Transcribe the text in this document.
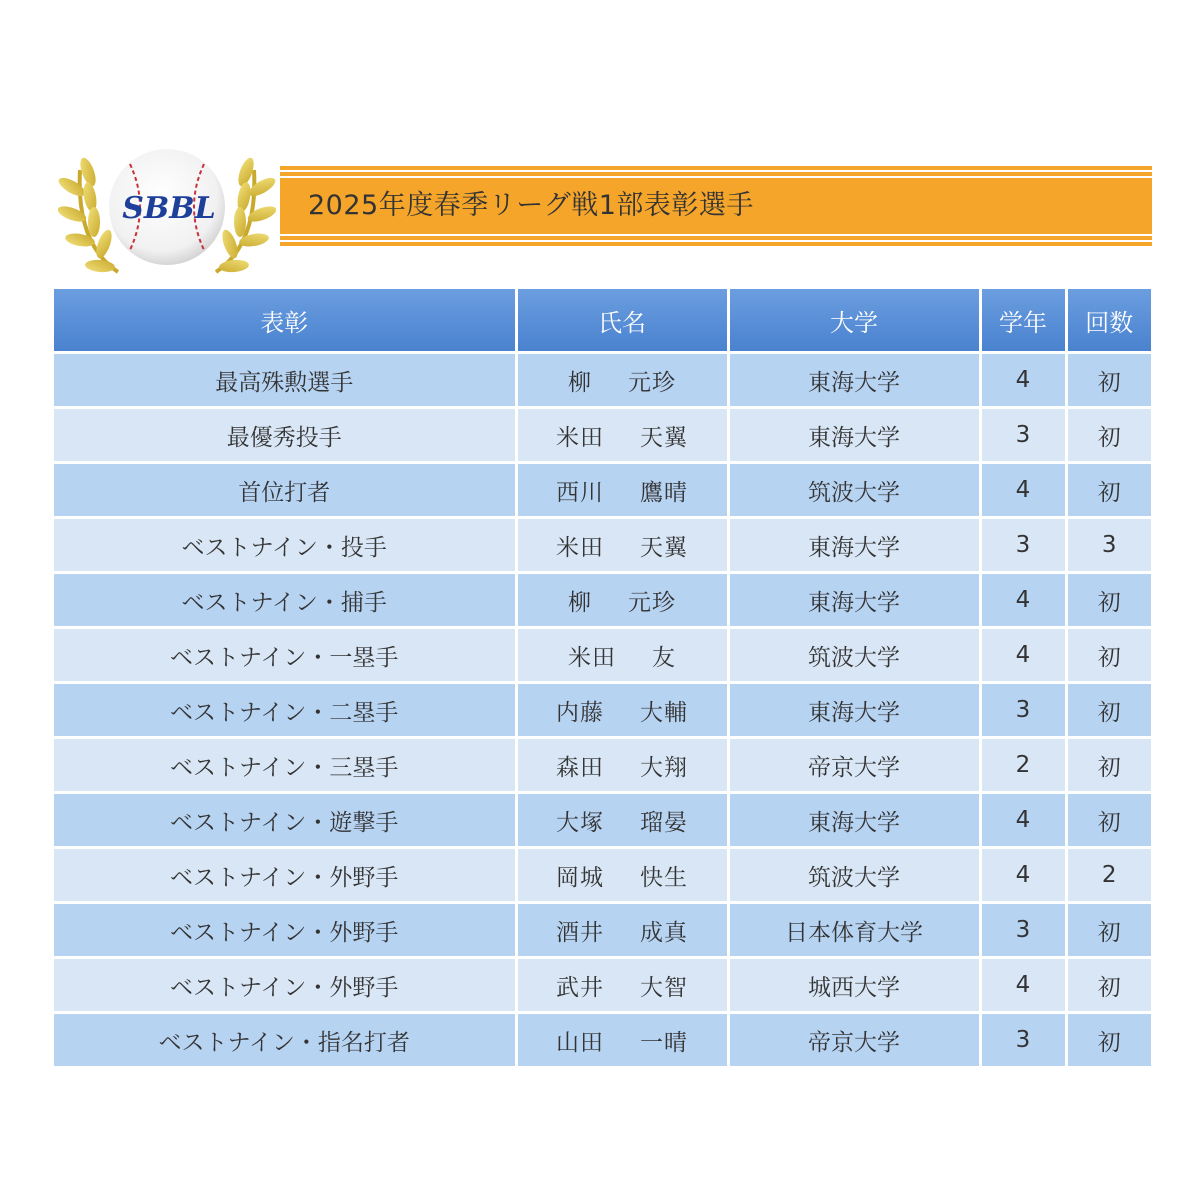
SBBL	2025年度春季リーグ戦1部表彰選手
表彰	氏名	大学	学年	回数
最高殊勲選手	柳 元珍	東海大学	4	初
最優秀投手	米田 天翼	東海大学	3	初
首位打者	西川 鷹晴	筑波大学	4	初
ベストナイン・投手	米田 天翼	東海大学	3	3
ベストナイン・捕手	柳 元珍	東海大学	4	初
ベストナイン・一塁手	米田 友	筑波大学	4	初
ベストナイン・二塁手	内藤 大輔	東海大学	3	初
ベストナイン・三塁手	森田 大翔	帝京大学	2	初
ベストナイン・遊撃手	大塚 瑠晏	東海大学	4	初
ベストナイン・外野手	岡城 快生	筑波大学	4	2
ベストナイン・外野手	酒井 成真	日本体育大学	3	初
ベストナイン・外野手	武井 大智	城西大学	4	初
ベストナイン・指名打者	山田 一晴	帝京大学	3	初
